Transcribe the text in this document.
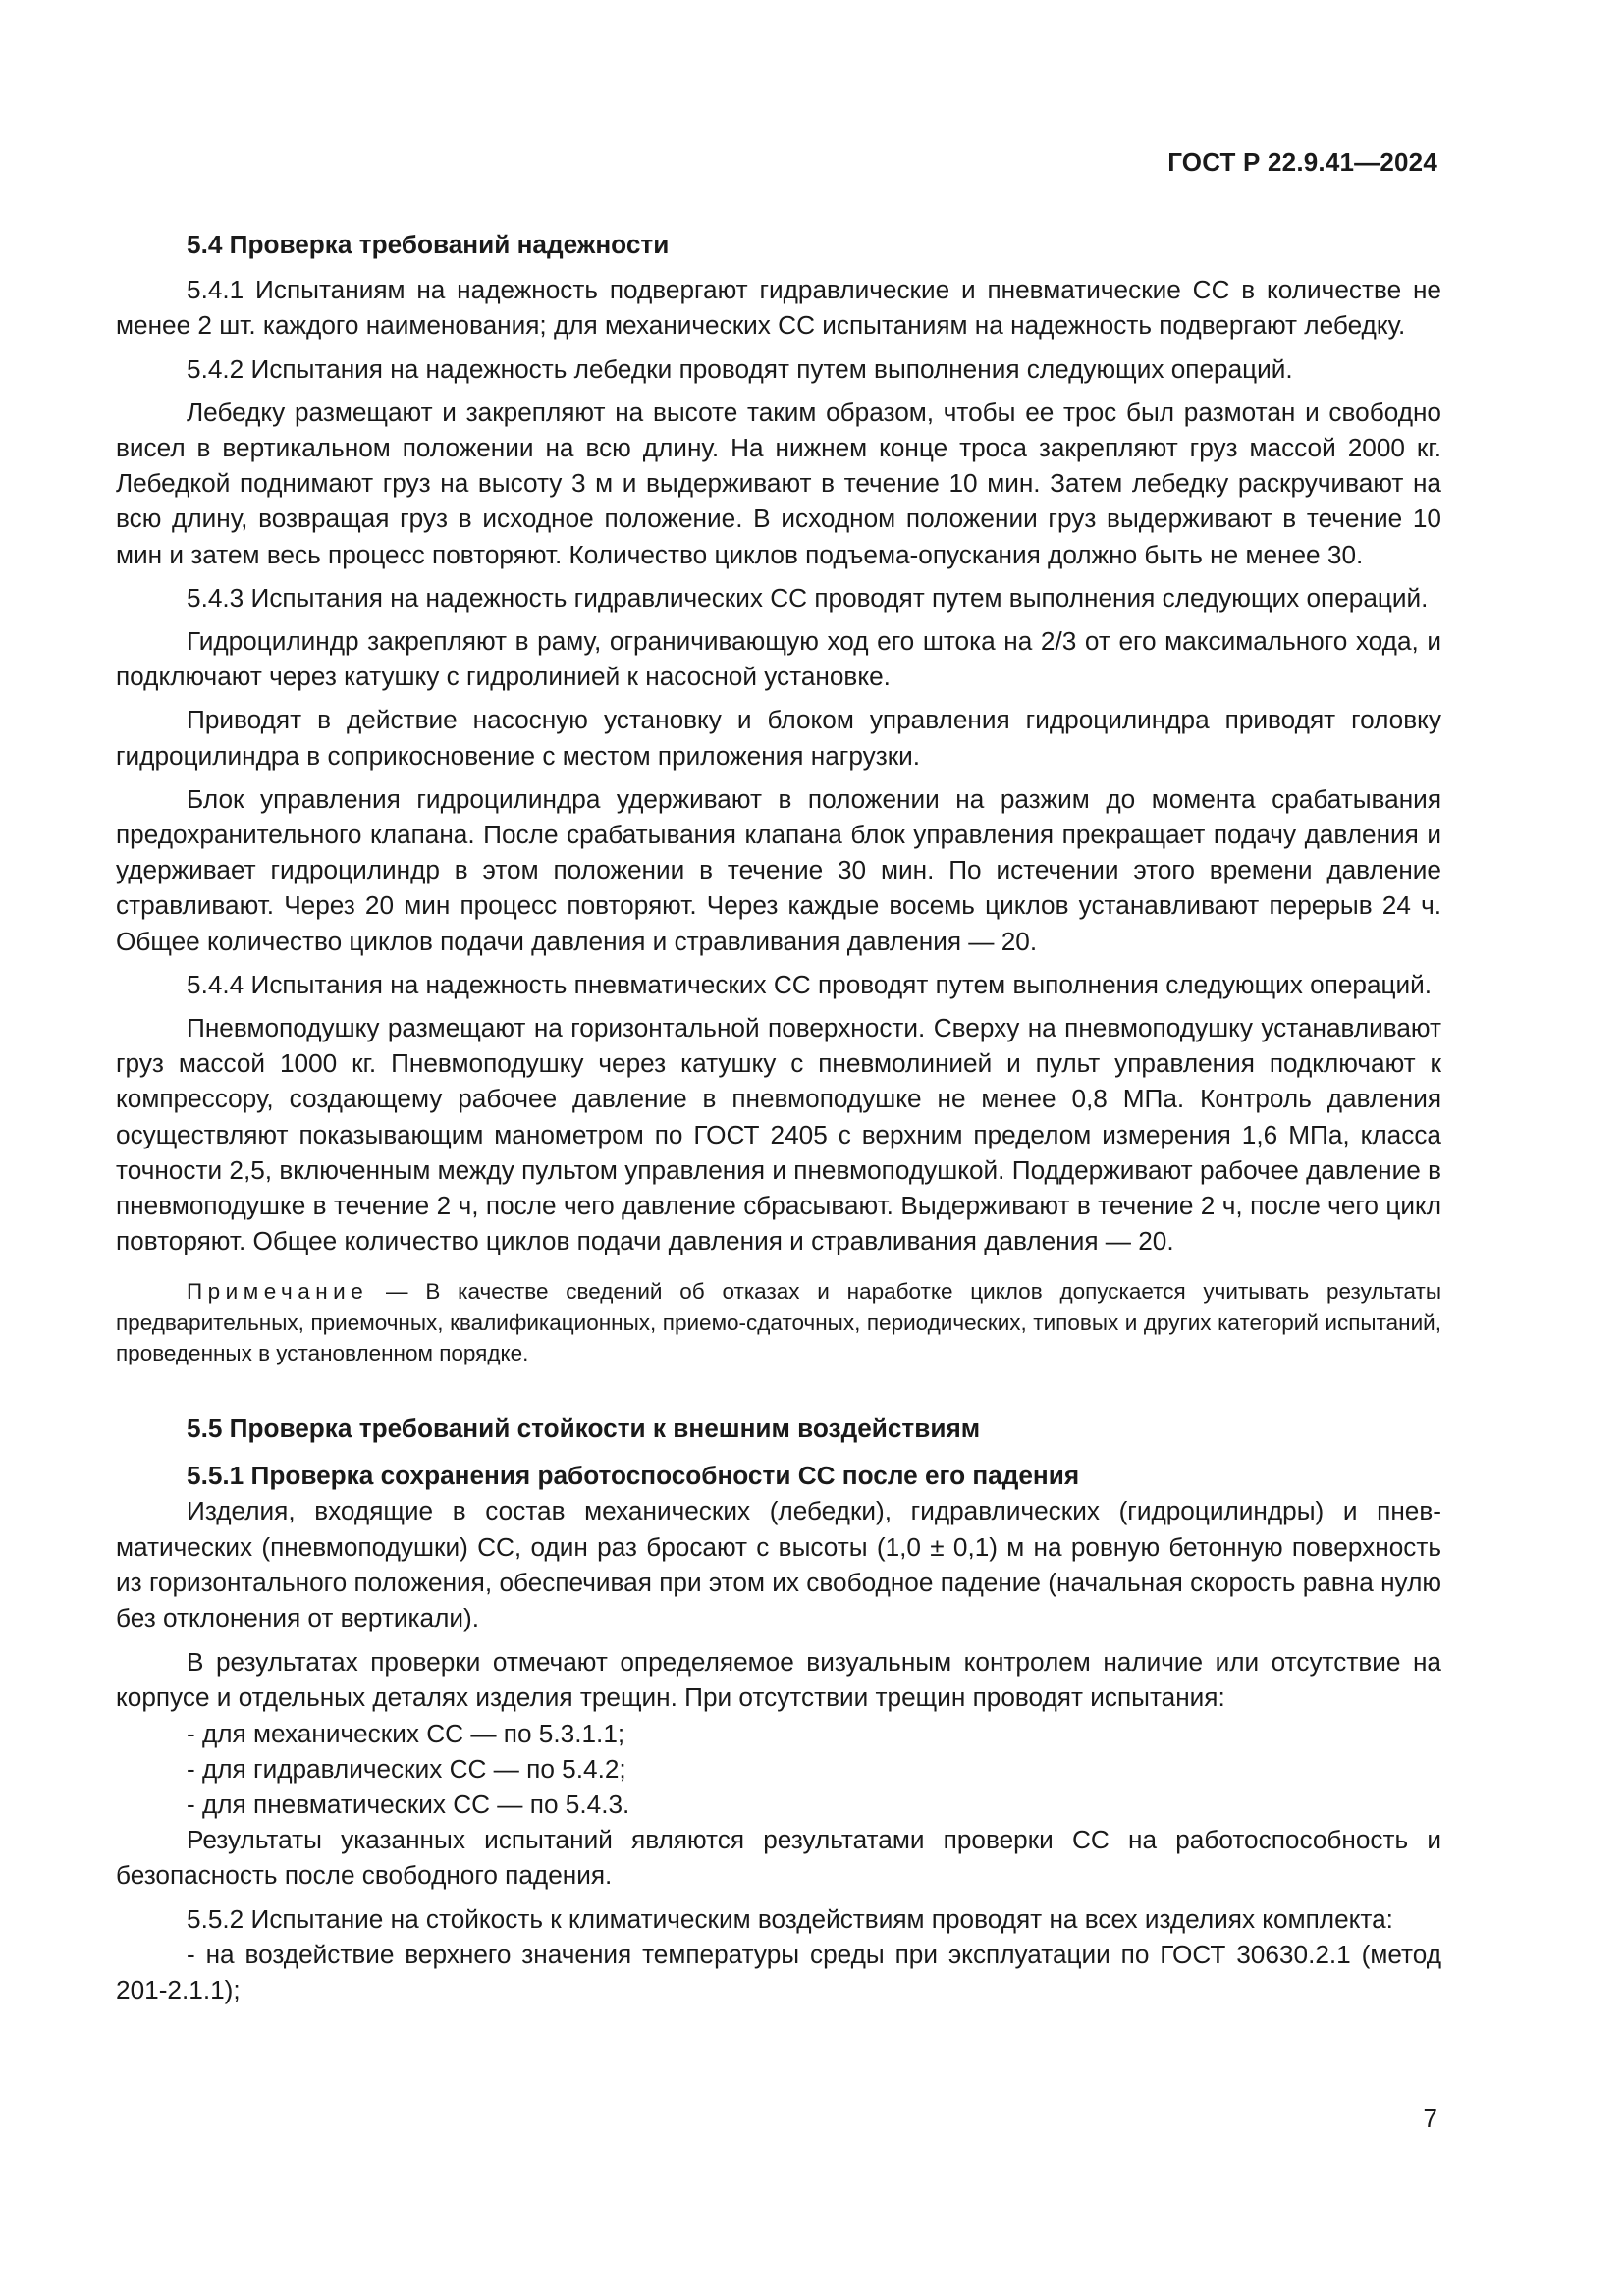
ГОСТ Р 22.9.41—2024

5.4 Проверка требований надежности

5.4.1 Испытаниям на надежность подвергают гидравлические и пневматические СС в количестве не менее 2 шт. каждого наименования; для механических СС испытаниям на надежность подвергают лебедку.

5.4.2 Испытания на надежность лебедки проводят путем выполнения следующих операций.

Лебедку размещают и закрепляют на высоте таким образом, чтобы ее трос был размотан и свободно висел в вертикальном положении на всю длину. На нижнем конце троса закрепляют груз массой 2000 кг. Лебедкой поднимают груз на высоту 3 м и выдерживают в течение 10 мин. Затем лебедку раскручивают на всю длину, возвращая груз в исходное положение. В исходном положении груз выдерживают в течение 10 мин и затем весь процесс повторяют. Количество циклов подъема-опускания должно быть не менее 30.

5.4.3 Испытания на надежность гидравлических СС проводят путем выполнения следующих операций.

Гидроцилиндр закрепляют в раму, ограничивающую ход его штока на 2/3 от его максимального хода, и подключают через катушку с гидролинией к насосной установке.

Приводят в действие насосную установку и блоком управления гидроцилиндра приводят головку гидроцилиндра в соприкосновение с местом приложения нагрузки.

Блок управления гидроцилиндра удерживают в положении на разжим до момента срабатывания предохранительного клапана. После срабатывания клапана блок управления прекращает подачу давления и удерживает гидроцилиндр в этом положении в течение 30 мин. По истечении этого времени давление стравливают. Через 20 мин процесс повторяют. Через каждые восемь циклов устанавливают перерыв 24 ч. Общее количество циклов подачи давления и стравливания давления — 20.

5.4.4 Испытания на надежность пневматических СС проводят путем выполнения следующих операций.

Пневмоподушку размещают на горизонтальной поверхности. Сверху на пневмоподушку устанавливают груз массой 1000 кг. Пневмоподушку через катушку с пневмолинией и пульт управления подключают к компрессору, создающему рабочее давление в пневмоподушке не менее 0,8 МПа. Контроль давления осуществляют показывающим манометром по ГОСТ 2405 с верхним пределом измерения 1,6 МПа, класса точности 2,5, включенным между пультом управления и пневмоподушкой. Поддерживают рабочее давление в пневмоподушке в течение 2 ч, после чего давление сбрасывают. Выдерживают в течение 2 ч, после чего цикл повторяют. Общее количество циклов подачи давления и стравливания давления — 20.

Примечание — В качестве сведений об отказах и наработке циклов допускается учитывать результаты предварительных, приемочных, квалификационных, приемо-сдаточных, периодических, типовых и других категорий испытаний, проведенных в установленном порядке.

5.5 Проверка требований стойкости к внешним воздействиям

5.5.1 Проверка сохранения работоспособности СС после его падения

Изделия, входящие в состав механических (лебедки), гидравлических (гидроцилиндры) и пневматических (пневмоподушки) СС, один раз бросают с высоты (1,0 ± 0,1) м на ровную бетонную поверхность из горизонтального положения, обеспечивая при этом их свободное падение (начальная скорость равна нулю без отклонения от вертикали).

В результатах проверки отмечают определяемое визуальным контролем наличие или отсутствие на корпусе и отдельных деталях изделия трещин. При отсутствии трещин проводят испытания:

- для механических СС — по 5.3.1.1;

- для гидравлических СС — по 5.4.2;

- для пневматических СС — по 5.4.3.

Результаты указанных испытаний являются результатами проверки СС на работоспособность и безопасность после свободного падения.

5.5.2 Испытание на стойкость к климатическим воздействиям проводят на всех изделиях комплекта:

- на воздействие верхнего значения температуры среды при эксплуатации по ГОСТ 30630.2.1 (метод 201-2.1.1);

7
